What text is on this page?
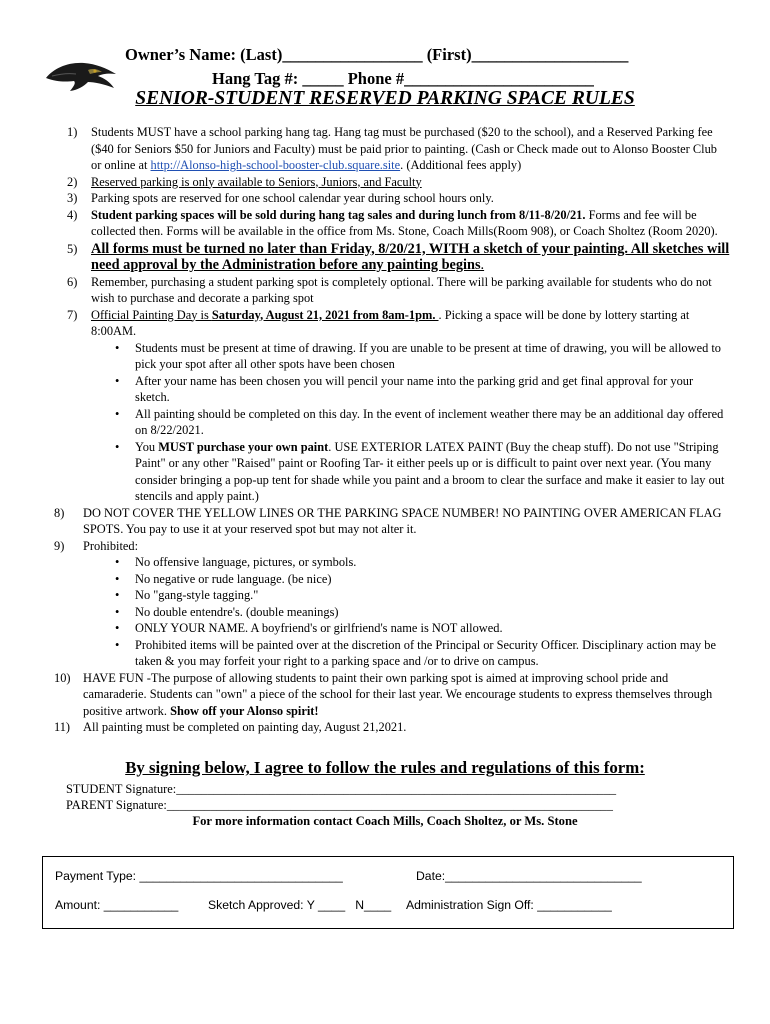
Owner’s Name: (Last)_________________ (First)___________________
Hang Tag #: _____ Phone #_______________________
SENIOR-STUDENT RESERVED PARKING SPACE RULES
1) Students MUST have a school parking hang tag. Hang tag must be purchased ($20 to the school), and a Reserved Parking fee ($40 for Seniors $50 for Juniors and Faculty) must be paid prior to painting. (Cash or Check made out to Alonso Booster Club or online at http://Alonso-high-school-booster-club.square.site. (Additional fees apply)
2) Reserved parking is only available to Seniors, Juniors, and Faculty
3) Parking spots are reserved for one school calendar year during school hours only.
4) Student parking spaces will be sold during hang tag sales and during lunch from 8/11-8/20/21. Forms and fee will be collected then. Forms will be available in the office from Ms. Stone, Coach Mills(Room 908), or Coach Sholtez (Room 2020).
5) All forms must be turned no later than Friday, 8/20/21, WITH a sketch of your painting. All sketches will need approval by the Administration before any painting begins.
6) Remember, purchasing a student parking spot is completely optional. There will be parking available for students who do not wish to purchase and decorate a parking spot
7) Official Painting Day is Saturday, August 21, 2021 from 8am-1pm. . Picking a space will be done by lottery starting at 8:00AM.
• Students must be present at time of drawing. If you are unable to be present at time of drawing, you will be allowed to pick your spot after all other spots have been chosen
• After your name has been chosen you will pencil your name into the parking grid and get final approval for your sketch.
• All painting should be completed on this day. In the event of inclement weather there may be an additional day offered on 8/22/2021.
• You MUST purchase your own paint. USE EXTERIOR LATEX PAINT (Buy the cheap stuff). Do not use "Striping Paint" or any other "Raised" paint or Roofing Tar- it either peels up or is difficult to paint over next year. (You many consider bringing a pop-up tent for shade while you paint and a broom to clear the surface and make it easier to lay out stencils and apply paint.)
8) DO NOT COVER THE YELLOW LINES OR THE PARKING SPACE NUMBER! NO PAINTING OVER AMERICAN FLAG SPOTS. You pay to use it at your reserved spot but may not alter it.
9) Prohibited:
• No offensive language, pictures, or symbols.
• No negative or rude language. (be nice)
• No "gang-style tagging."
• No double entendre's. (double meanings)
• ONLY YOUR NAME. A boyfriend's or girlfriend's name is NOT allowed.
• Prohibited items will be painted over at the discretion of the Principal or Security Officer. Disciplinary action may be taken & you may forfeit your right to a parking space and /or to drive on campus.
10) HAVE FUN -The purpose of allowing students to paint their own parking spot is aimed at improving school pride and camaraderie. Students can "own" a piece of the school for their last year. We encourage students to express themselves through positive artwork. Show off your Alonso spirit!
11) All painting must be completed on painting day, August 21,2021.
By signing below, I agree to follow the rules and regulations of this form:
STUDENT Signature:_______________________________________________________________________
PARENT Signature:________________________________________________________________________
For more information contact Coach Mills, Coach Sholtez, or Ms. Stone
Payment Type: ______________________________	Date:_____________________________
Amount: ___________ Sketch Approved: Y ____   N____ Administration Sign Off: ___________
